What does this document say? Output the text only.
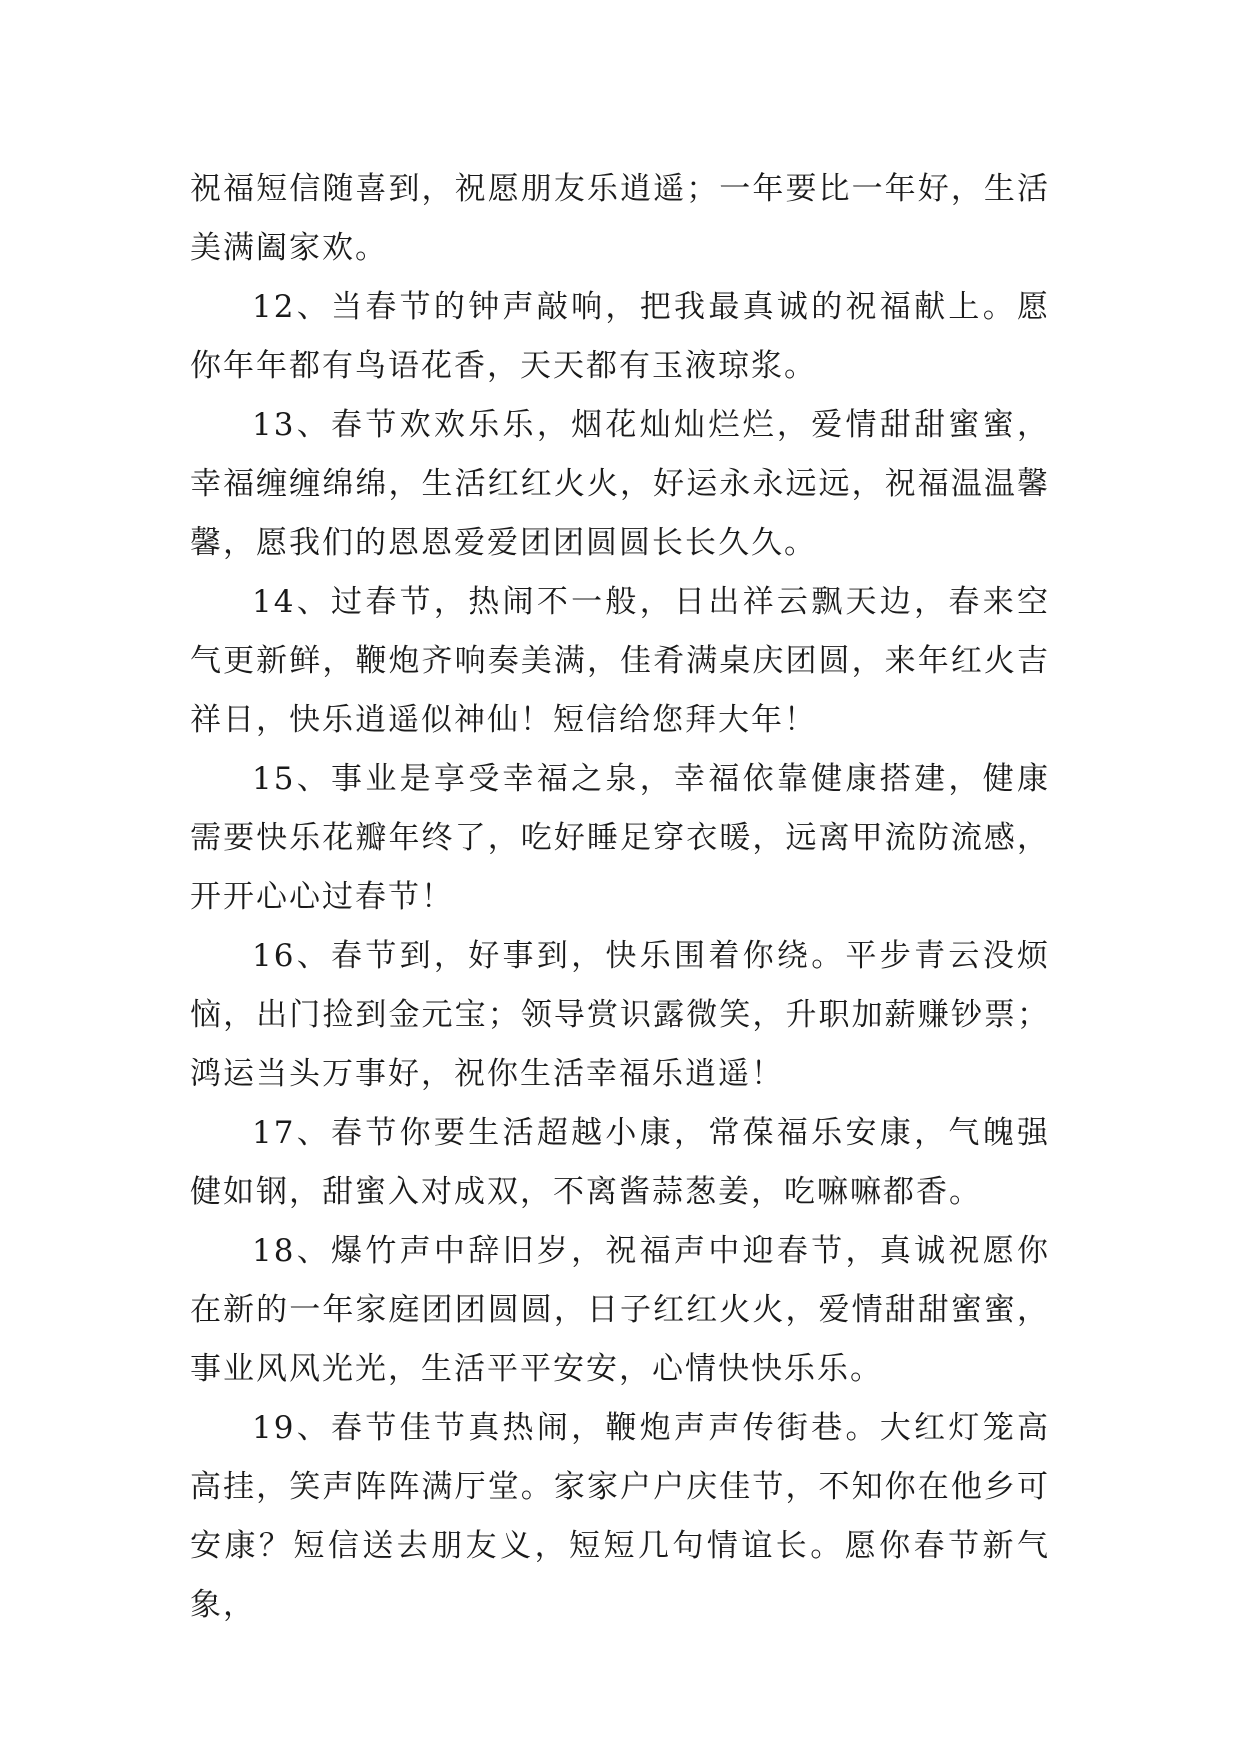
祝福短信随喜到，祝愿朋友乐逍遥；一年要比一年好，生活美满阖家欢。

12、当春节的钟声敲响，把我最真诚的祝福献上。愿你年年都有鸟语花香，天天都有玉液琼浆。

13、春节欢欢乐乐，烟花灿灿烂烂，爱情甜甜蜜蜜，幸福缠缠绵绵，生活红红火火，好运永永远远，祝福温温馨馨，愿我们的恩恩爱爱团团圆圆长长久久。

14、过春节，热闹不一般，日出祥云飘天边，春来空气更新鲜，鞭炮齐响奏美满，佳肴满桌庆团圆，来年红火吉祥日，快乐逍遥似神仙！短信给您拜大年！

15、事业是享受幸福之泉，幸福依靠健康搭建，健康需要快乐花瓣年终了，吃好睡足穿衣暖，远离甲流防流感，开开心心过春节！

16、春节到，好事到，快乐围着你绕。平步青云没烦恼，出门捡到金元宝；领导赏识露微笑，升职加薪赚钞票；鸿运当头万事好，祝你生活幸福乐逍遥！

17、春节你要生活超越小康，常葆福乐安康，气魄强健如钢，甜蜜入对成双，不离酱蒜葱姜，吃嘛嘛都香。

18、爆竹声中辞旧岁，祝福声中迎春节，真诚祝愿你在新的一年家庭团团圆圆，日子红红火火，爱情甜甜蜜蜜，事业风风光光，生活平平安安，心情快快乐乐。

19、春节佳节真热闹，鞭炮声声传街巷。大红灯笼高高挂，笑声阵阵满厅堂。家家户户庆佳节，不知你在他乡可安康？短信送去朋友义，短短几句情谊长。愿你春节新气象，
